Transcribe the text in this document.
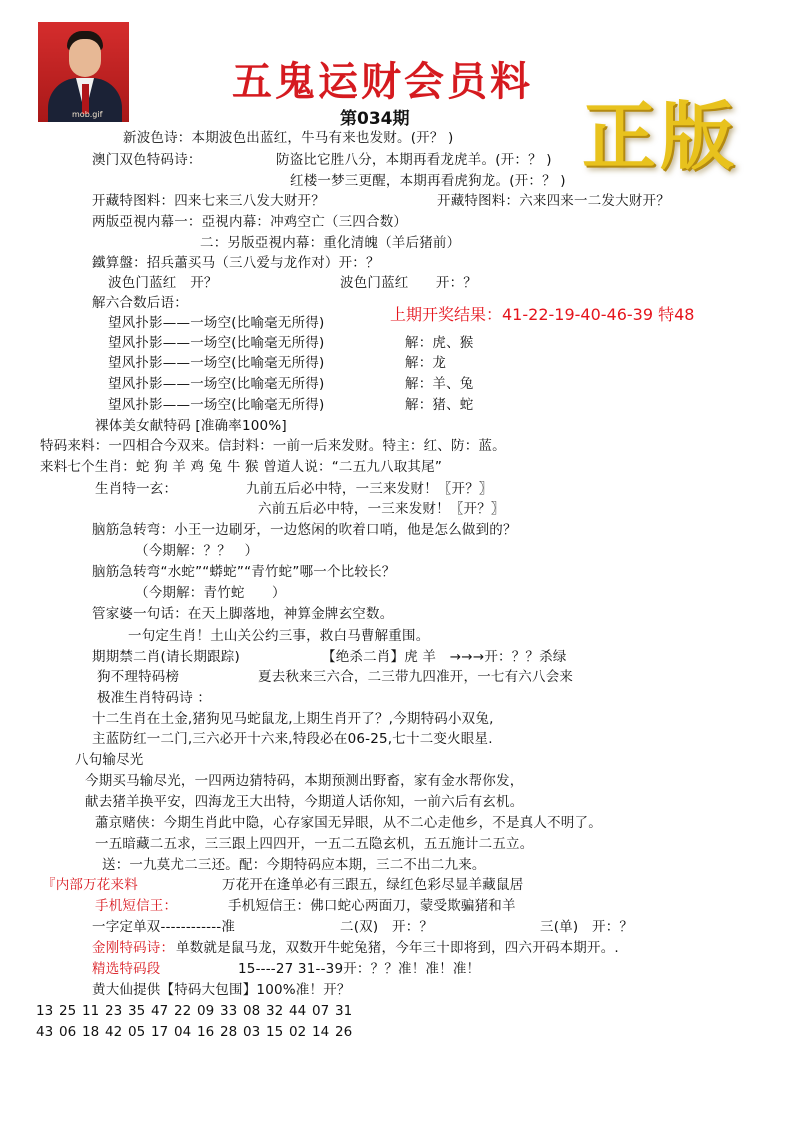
mob.gif
五鬼运财会员料
第034期 正版
上期开奖结果：41-22-19-40-46-39 特48
新波色诗：本期波色出蓝红，牛马有来也发财。(开？ )
澳门双色特码诗：	防盗比它胜八分，本期再看龙虎羊。(开：？ )
红楼一梦三更醒，本期再看虎狗龙。(开：？ )
开藏特图料：四来七来三八发大财开？	开藏特图料：六来四来一二发大财开？
两版亞視内幕一：亞視内幕：冲鸡空亡（三四合数）
二：另版亞視内幕：重化清魄（羊后猪前）
鐵算盤：招兵蕭买马（三八爱与龙作对）开：？
波色门蓝红　开？	波色门蓝红　　开：？
解六合数后语：
望风扑影——一场空(比喻毫无所得)
望风扑影——一场空(比喻毫无所得)	解：虎、猴
望风扑影——一场空(比喻毫无所得)	解：龙
望风扑影——一场空(比喻毫无所得)	解：羊、兔
望风扑影——一场空(比喻毫无所得)	解：猪、蛇
裸体美女献特码 [准确率100%]
特码来料：一四相合今双来。信封料：一前一后来发财。特主：红、防：蓝。
来料七个生肖：蛇 狗 羊 鸡 兔 牛 猴 曾道人说：“二五九八取其尾”
生肖特一玄：	九前五后必中特，一三来发财！〖开？〗
六前五后必中特，一三来发财！〖开？〗
脑筋急转弯：小王一边刷牙，一边悠闲的吹着口哨，他是怎么做到的？
（今期解：？？　）
脑筋急转弯“水蛇”“蟒蛇”“青竹蛇”哪一个比较长？
（今期解：青竹蛇　　）
管家婆一句话：在天上脚落地，神算金牌玄空数。
一句定生肖！土山关公约三事，救白马曹解重围。
期期禁二肖(请长期跟踪)	【绝杀二肖】虎 羊　→→→开：？？杀绿
狗不理特码榜	夏去秋来三六合，二三带九四准开，一七有六八会来
极准生肖特码诗 ：
十二生肖在土金,猪狗见马蛇鼠龙,上期生肖开了？,今期特码小双兔,
主蓝防红一二门,三六必开十六来,特段必在06-25,七十二变火眼星.
八句输尽光
今期买马输尽光，一四两边猜特码，本期预测出野畜，家有金水帮你发，
献去猪羊换平安，四海龙王大出特，今期道人话你知，一前六后有玄机。
蕭京赌侠：今期生肖此中隐，心存家国无异眼，从不二心走他乡，不是真人不明了。
一五暗藏二五求，三三跟上四四开，一五二五隐玄机，五五施计二五立。
送：一九莫尤二三还。配：今期特码应本期，三二不出二九来。
『内部万花来料	万花开在逢单必有三跟五，绿红色彩尽显羊藏鼠居
手机短信王：	手机短信王：佛口蛇心两面刀，蒙受欺骗猪和羊
一字定单双------------准	二(双)　开：？	三(单)　开：？
金刚特码诗： 单数就是鼠马龙，双数开牛蛇兔猪，今年三十即将到，四六开码本期开。.
精选特码段	15----27 31--39开：？？准！准！准！
黄大仙提供【特码大包围】100%准！开？
13 25 11 23 35 47 22 09 33 08 32 44 07 31
43 06 18 42 05 17 04 16 28 03 15 02 14 26
